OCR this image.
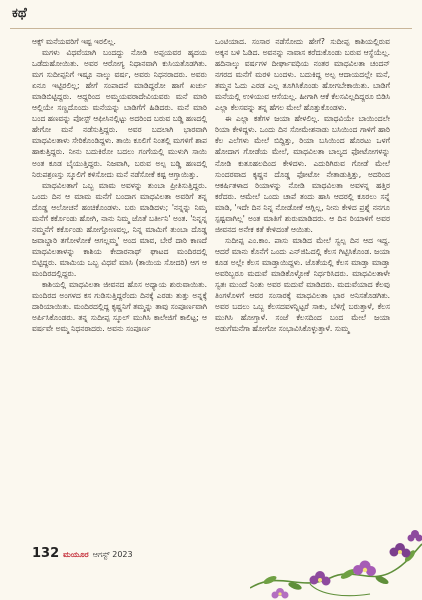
ಕಥೆ

ಆಕ್ಸ್ ಮನೆಯವರಿಗೆ ಇಷ್ಟ ಇರಲಿಲ್ಲ.

ಮಗಳು ವಿಧವೆಯಾಗಿ ಬಂದದ್ದು ನೋಡಿ ಅಪ್ಪಯವರ ಹೃದಯ ಒಡೆದುಹೋಯಿತು. ಅವರ ಆರೋಗ್ಯ ನಿಧಾನವಾಗಿ ಕುಸಿಯತೊಡಗಿತು. ಮಗ ಸುದೀಪ್ಪನಿಗೆ ಇಷ್ಟೂ ನಾಲ್ಕು ವರ್ಷ, ಅವರು ನಿಧನರಾದರು. ಅವರು ಏನೂ ಇಟ್ಟಿರಲಿಲ್ಲ; ಹೇಗೆ ಸಂಪಾದನೆ ಮಾಡಿದ್ದರೋ ಹಾಗೆ ಖರ್ಚು ಮಾಡಿಬಿಟ್ಟಿದ್ದರು. ಆದ್ದರಿಂದ ಅಮ್ಮಯವರಾದೇವಿಯವರು ಮನೆ ಮಾರಿ ಆಲ್ಲಿಯೇ ಸಣ್ಣದೊಂದು ಮನೆಯನ್ನು ಬಾಡಿಗೆಗೆ ಹಿಡಿದರು. ಮನೆ ಮಾರಿ ಬಂದ ಹಣವನ್ನು ಪೋಸ್ಟ್ ಆಫೀಸಿನಲ್ಲಿಟ್ಟು ಅದರಿಂದ ಬರುವ ಬಡ್ಡಿ ಹಣದಲ್ಲಿ ಹೇಗೋ ಮನೆ ನಡೆಸುತ್ತಿದ್ದರು. ಅವರ ಬದಲಾಗಿ ಭಾರವಾಗಿ ಮಾಧವಿಲತಾಳು ಸೇರಿಕೊಂಡಿದ್ದಳು. ತಾಯಿ ಕೂಲಿಗೆ ನಿಂತಲ್ಲಿ ಮಗಳಿಗೆ ಶಾಪ ಹಾಕುತ್ತಿದ್ದರು. ನೀನು ಬದುಕಿರೋ ಬದಲು ಗಂಗೆಯಲ್ಲಿ ಮುಳುಗಿ ಸಾಯಿ ಅಂತ ಕೂಡ ಬೈಯುತ್ತಿದ್ದರು. ನಿಜವಾಗಿ, ಬರುವ ಅಲ್ಪ ಬಡ್ಡಿ ಹಣದಲ್ಲಿ ನಿರುಪಶ್ರಣಸ್ತು ಸ್ಕೂಲಿಗೆ ಕಳಿಸೋದು ಮನೆ ನಡೆಸೋಕೆ ಕಷ್ಟ ಆಗ್ತಾಯಿತ್ತು.

ಮಾಧವಿಲತಾಗೆ ಒಬ್ಬ ಮಾಮ ಅವಳನ್ನು ತುಂಬಾ ಪ್ರೀತಿಸುತ್ತಿದ್ದರು. ಒಂದು ದಿನ ಆ ಮಾಮ ಮನೆಗೆ ಬಂದಾಗ ಮಾಧವಿಲತಾ ಅವರಿಗೆ ತನ್ನ ದೊಡ್ಡ ಆಲೋಚನೆ ಹಂಚಿಕೊಂಡಳು. ಬರು ಮಾಡಿದಳು; 'ನನ್ನನ್ನು ನಿಮ್ಮ ಮನೆಗೆ ಕರ್ಕೊಂಡು ಹೋಗಿ, ನಾನು ನಿಮ್ಮ ಜೊತೆ ಬರ್ತೀನಿ' ಅಂತ. 'ನಿನ್ನನ್ನ ನಮ್ಮನೆಗೆ ಕರ್ಕೊಂಡು ಹೋಗ್ತೋಣವಲ್ಲ, ನಿನ್ನ ಮಾಮಿಗೆ ತುಂಬಾ ದೊಡ್ಡ ಜವಾಬ್ದಾರಿ ತಗೋಳೋಕೆ ಆಗಲ್ಲಮ್ಮ' ಅಂದ ಮಾವ, ಬೇರೆ ದಾರಿ ಕಾಣದೆ ಮಾಧವಿಲತಾಳನ್ನು ಕಾಶಿಯ ಕೇದಾರನಾಥ್ ಘಾಟದ ಮಂದಿರದಲ್ಲಿ ಬಿಟ್ಟಿದ್ದರು. ಮಾಮಿಯ ಒಬ್ಬ ವಿಧವೆ ಮಾಸಿ (ತಾಯಿಯ ಸೋದರಿ) ಆಗ ಆ ಮಂದಿರದಲ್ಲಿದ್ದರು.

ಕಾಶಿಯಲ್ಲಿ ಮಾಧವಿಲತಾ ಜೀವನದ ಹೊಸ ಅಧ್ಯಾಯ ಶುರುವಾಯಿತು. ಮಂದಿರದ ಅಂಗಳದ ಕಸ ಗುಡಿಸುತ್ತಿದ್ದರೆಂದು ದಿನಕ್ಕೆ ಎರಡು ತುತ್ತು ಅನ್ನಕ್ಕೆ ದಾರಿಯಾಯಿತು. ಮಂದಿರದಲ್ಲಿದ್ದ ಕೃಷ್ಣನಿಗೆ ತಮ್ಮನ್ನು ತಾವು ಸಂಪೂರ್ಣವಾಗಿ ಅರ್ಪಿಸಿಕೊಂಡರು. ತನ್ನ ಸುದೀಪ್ಪ ಸ್ಕೂಲ್ ಮುಗಿಸಿ ಕಾಲೇಜಿಗೆ ಕಾಲಿಟ್ಟ; ಆ ವರ್ಷವೇ ಅಮ್ಮ ನಿಧನರಾದರು. ಅವನು ಸಂಪೂರ್ಣ

ಒಂಟಿಯಾದ. ಸಂಸಾರ ನಡೆಸೋದು ಹೇಗೆ? ಸುದೀಪ್ಪ ಕಾಶಿಯಲ್ಲಿರುವ ಅಕ್ಕನ ಬಳಿ ಓಡಿದ. ಅವನನ್ನು ನಾವಾಸ ಕರೆದುಕೊಂಡು ಬರುವ ಆಸ್ಥೆಯೆಲ್ಲ. ಹದಿನಾಲ್ಕು ವರ್ಷಗಳ ದೀರ್ಘಾವಧಿಯ ನಂತರ ಮಾಧವಿಲತಾ ಚಂದನ್ ನಗರದ ಮನೆಗೆ ಮರಳಿ ಬಂದಳು. ಬದುಕಿದ್ದ ಅಲ್ಪ ಆದಾಯದಲ್ಲೇ ಮನೆ, ತಮ್ಮನ ಓದು ಎರಡ ಎಲ್ಲ ತೂಗಿಸಿಕೊಂಡು ಹೋಗಬೇಕಾಯಿತು. ಬಾಡಿಗೆ ಮನೆಯಲ್ಲಿ ಉಳಿಯುವ ಆಸೆಯಲ್ಲ. ಹೀಗಾಗಿ ಆಕೆ ಕೆಲಸವಿಲ್ಲದಿದ್ದರೂ ಬಿಡಿಸಿ ಎಲ್ಲಾ ಕೆಲಸವನ್ನು ತನ್ನ ಹೆಗಲ ಮೇಲೆ ಹೊತ್ತುಕೊಂಡಳು.

ಈ ಎಲ್ಲಾ ಕತೆಗಳ ಜಯಾ ಹೇಳಲಿಲ್ಲ. ಮಾಧವಿಯೇ ಬಾಯಿಂದಲೇ ರಿಯಾ ಕೇಳಿದ್ದಳು. ಒಂದು ದಿನ ಸೋಮೇಶನಾಡು ಬಸಿಯಿಂದ ಗಾಳಿಗೆ ಹಾರಿ ಕೆಲ ಎಲೆಗಳು ಮೇಲೆ ಬಿದ್ದಿತ್ತು, ರಿಯಾ ಬಸಿಯಿಂದ ಹೊರಟು ಒಳಗೆ ಹೋದಾಗ ಗೋಡೆಯ ಮೇಲೆ, ಮಾಧವಿಲತಾ ಬಾಲ್ಯದ ಫೋಟೋಗಳನ್ನು ನೋಡಿ ಕುತೂಹಲದಿಂದ ಕೇಳಿದಳು. ಎದುರಿಗಿರುವ ಗೋಡೆ ಮೇಲೆ ಸುಂದರವಾದ ಕೃಷ್ಣನ ದೊಡ್ಡ ಫೋಟೋ ನೇತಾಡುತ್ತಿತ್ತು, ಅದರಿಂದ ಆಕರ್ಷಿತಳಾದ ರಿಯಾಳನ್ನು ನೋಡಿ ಮಾಧವಿಲತಾ ಅವಳನ್ನ ಹತ್ತಿರ ಕರೆದರು. ಆಮೇಲೆ ಒಂದು ಚಾಪೆ ತಂದು ಹಾಸಿ ಆದರಲ್ಲಿ ಕೂರಲು ಸನ್ನೆ ಮಾಡಿ, 'ಇದೇ ದಿನ ನಿನ್ನ ನೋಡೋಕೆ ಆಗ್ಲಿಲ್ಲ, ನೀನು ಕೇಳಿದ ಪ್ರಶ್ನೆ ನನಗೂ ಸ್ಪಷ್ಟವಾಗಿಲ್ಲ' ಅಂತ ಮಾತಿಗೆ ಶುರುಮಾಡಿದರು. ಆ ದಿನ ರಿಯಾಳಿಗೆ ಅವರ ಜೀವನದ ಅನೇಕ ಕತೆ ಕೇಳಿದಂತೆ ಆಯಿತು.

ಸುದೀಪ್ಪ ಎಂ.ಕಾಂ. ಪಾಸು ಮಾಡಿದ ಮೇಲೆ ಸ್ವಲ್ಪ ದಿನ ಆದ ಇದ್ದ. ಆದರೆ ಮಾನು ಕೊನೆಗೆ ಒಂದು ಎನ್‌ಜಿಓದಲ್ಲಿ ಕೆಲಸ ಗಿಟ್ಟಿಸಿಕೊಂಡ. ಜಯಾ ಕೂಡ ಅಲ್ಲೇ ಕೆಲಸ ಮಾಡ್ತಾಯಿದ್ದಳು. ಜೊತೆಯಲ್ಲಿ ಕೆಲಸ ಮಾಡ್ತಾ ಮಾಡ್ತಾ ಅವರಿಬ್ಬರೂ ಮದುವೆ ಮಾಡಿಕೊಳ್ಳೋಕೆ ನಿರ್ಧರಿಸಿದರು. ಮಾಧವಿಲತಾಳೇ ಸ್ವತಃ ಮುಂದೆ ನಿಂತು ಅವರ ಮದುವೆ ಮಾಡಿದರು. ಮದುವೆಯಾದ ಕೆಲವು ತಿಂಗಳೊಳಗೆ ಆವರ ಸಂಸಾರಕ್ಕೆ ಮಾಧವಿಲತಾ ಭಾರ ಅನಿಸತೊಡಗಿತು. ಅವರ ಬದಲು ಒಬ್ಬ ಕೆಲಸದವಳನ್ನಿಟ್ಟರೆ ಸಾಕು, ಬೆಳಿಗ್ಗೆ ಬರುತ್ತಾಳೆ, ಕೆಲಸ ಮುಗಿಸಿ ಹೋಗ್ತಾಳೆ. ಸಂಜೆ ಕೆಲಸದಿಂದ ಬಂದ ಮೇಲೆ ಜಯಾ ಅಡುಗೆಮನೆಗಾ ಹೋಗೋ ಸಂಭಾವಿಸಿಕೊಳ್ಳುತ್ತಾಳೆ. ಸುಮ್ಮ

132 ಮಯೂರ ಆಗಸ್ಟ್ 2023
